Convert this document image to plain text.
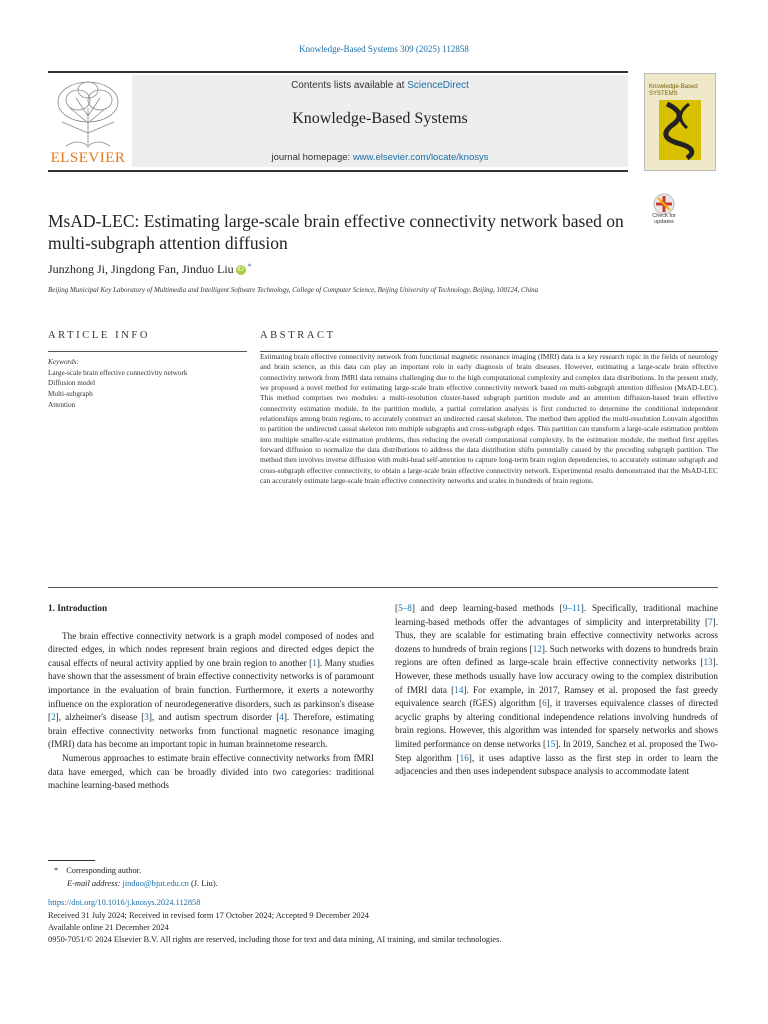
Knowledge-Based Systems 309 (2025) 112858
ELSEVIER
Contents lists available at ScienceDirect
Knowledge-Based Systems
journal homepage: www.elsevier.com/locate/knosys
Knowledge-Based SYSTEMS
MsAD-LEC: Estimating large-scale brain effective connectivity network based on multi-subgraph attention diffusion
Check for updates
Junzhong Ji, Jingdong Fan, Jinduo Liu iD *
Beijing Municipal Key Laboratory of Multimedia and Intelligent Software Technology, College of Computer Science, Beijing University of Technology, Beijing, 100124, China
ARTICLE INFO	ABSTRACT
Keywords:
Large-scale brain effective connectivity network
Diffusion model
Multi-subgraph
Attention
Estimating brain effective connectivity network from functional magnetic resonance imaging (fMRI) data is a key research topic in the fields of neurology and brain science, as this data can play an important role in early diagnosis of brain diseases. However, estimating a large-scale brain effective connectivity network from fMRI data remains challenging due to the high computational complexity and complex data distributions. In the present study, we proposed a novel method for estimating large-scale brain effective connectivity network based on multi-subgraph attention diffusion (MsAD-LEC). This method comprises two modules: a multi-resolution cluster-based subgraph partition module and an attention diffusion-based brain effective connectivity estimation module. In the partition module, a partial correlation analysis is first conducted to determine the conditional independent relationships among brain regions, to accurately construct an undirected causal skeleton. The method then applied the multi-resolution Louvain algorithm to partition the undirected causal skeleton into multiple subgraphs and cross-subgraph edges. This partition can transform a large-scale estimation problem into multiple smaller-scale estimation problems, thus reducing the overall computational complexity. In the estimation module, the method first applies forward diffusion to normalize the data distributions to address the data distribution shifts potentially caused by the preceding subgraph partition. The method then involves inverse diffusion with multi-head self-attention to capture long-term brain region dependencies, to accurately estimate subgraph and cross-subgraph effective connectivity, to obtain a large-scale brain effective connectivity network. Experimental results demonstrated that the MsAD-LEC can accurately estimate large-scale brain effective connectivity networks and scales in hundreds of brain regions.
1. Introduction

The brain effective connectivity network is a graph model composed of nodes and directed edges, in which nodes represent brain regions and directed edges depict the causal effects of neural activity applied by one brain region to another [1]. Many studies have shown that the assessment of brain effective connectivity networks is of paramount importance in the evaluation of brain function. Furthermore, it exerts a noteworthy influence on the exploration of neurodegenerative disorders, such as parkinson's disease [2], alzheimer's disease [3], and autism spectrum disorder [4]. Therefore, estimating brain effective connectivity networks from functional magnetic resonance imaging (fMRI) data has become an important topic in human brainnetome research.

Numerous approaches to estimate brain effective connectivity networks from fMRI data have emerged, which can be broadly divided into two categories: traditional machine learning-based methods

[5–8] and deep learning-based methods [9–11]. Specifically, traditional machine learning-based methods offer the advantages of simplicity and interpretability [7]. Thus, they are scalable for estimating brain effective connectivity networks across dozens to hundreds of brain regions [12]. Such networks with dozens to hundreds brain regions are often defined as large-scale brain effective connectivity networks [13]. However, these methods usually have low accuracy owing to the complex distribution of fMRI data [14]. For example, in 2017, Ramsey et al. proposed the fast greedy equivalence search (fGES) algorithm [6], it traverses equivalence classes of directed acyclic graphs by altering conditional independence relations involving hundreds of brain regions. However, this algorithm was intended for sparsely networks and shows limited performance on dense networks [15]. In 2019, Sanchez et al. proposed the Two-Step algorithm [16], it uses adaptive lasso as the first step in order to learn the adjacencies and then uses independent subspace analysis to accommodate latent
* Corresponding author.
E-mail address: jinduo@bjut.edu.cn (J. Liu).
https://doi.org/10.1016/j.knosys.2024.112858
Received 31 July 2024; Received in revised form 17 October 2024; Accepted 9 December 2024
Available online 21 December 2024
0950-7051/© 2024 Elsevier B.V. All rights are reserved, including those for text and data mining, AI training, and similar technologies.
